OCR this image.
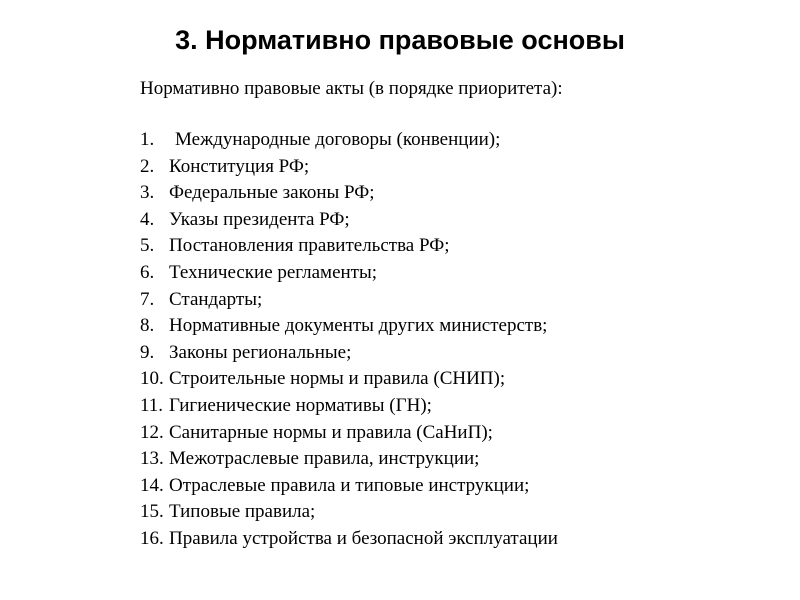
3. Нормативно правовые основы

Нормативно правовые акты (в порядке приоритета):

1. Международные договоры (конвенции);
2. Конституция РФ;
3. Федеральные законы РФ;
4. Указы президента РФ;
5. Постановления правительства РФ;
6. Технические регламенты;
7. Стандарты;
8. Нормативные документы других министерств;
9. Законы региональные;
10. Строительные нормы и правила (СНИП);
11. Гигиенические нормативы (ГН);
12. Санитарные нормы и правила (СаНиП);
13. Межотраслевые правила, инструкции;
14. Отраслевые правила и типовые инструкции;
15. Типовые правила;
16. Правила устройства и безопасной эксплуатации
